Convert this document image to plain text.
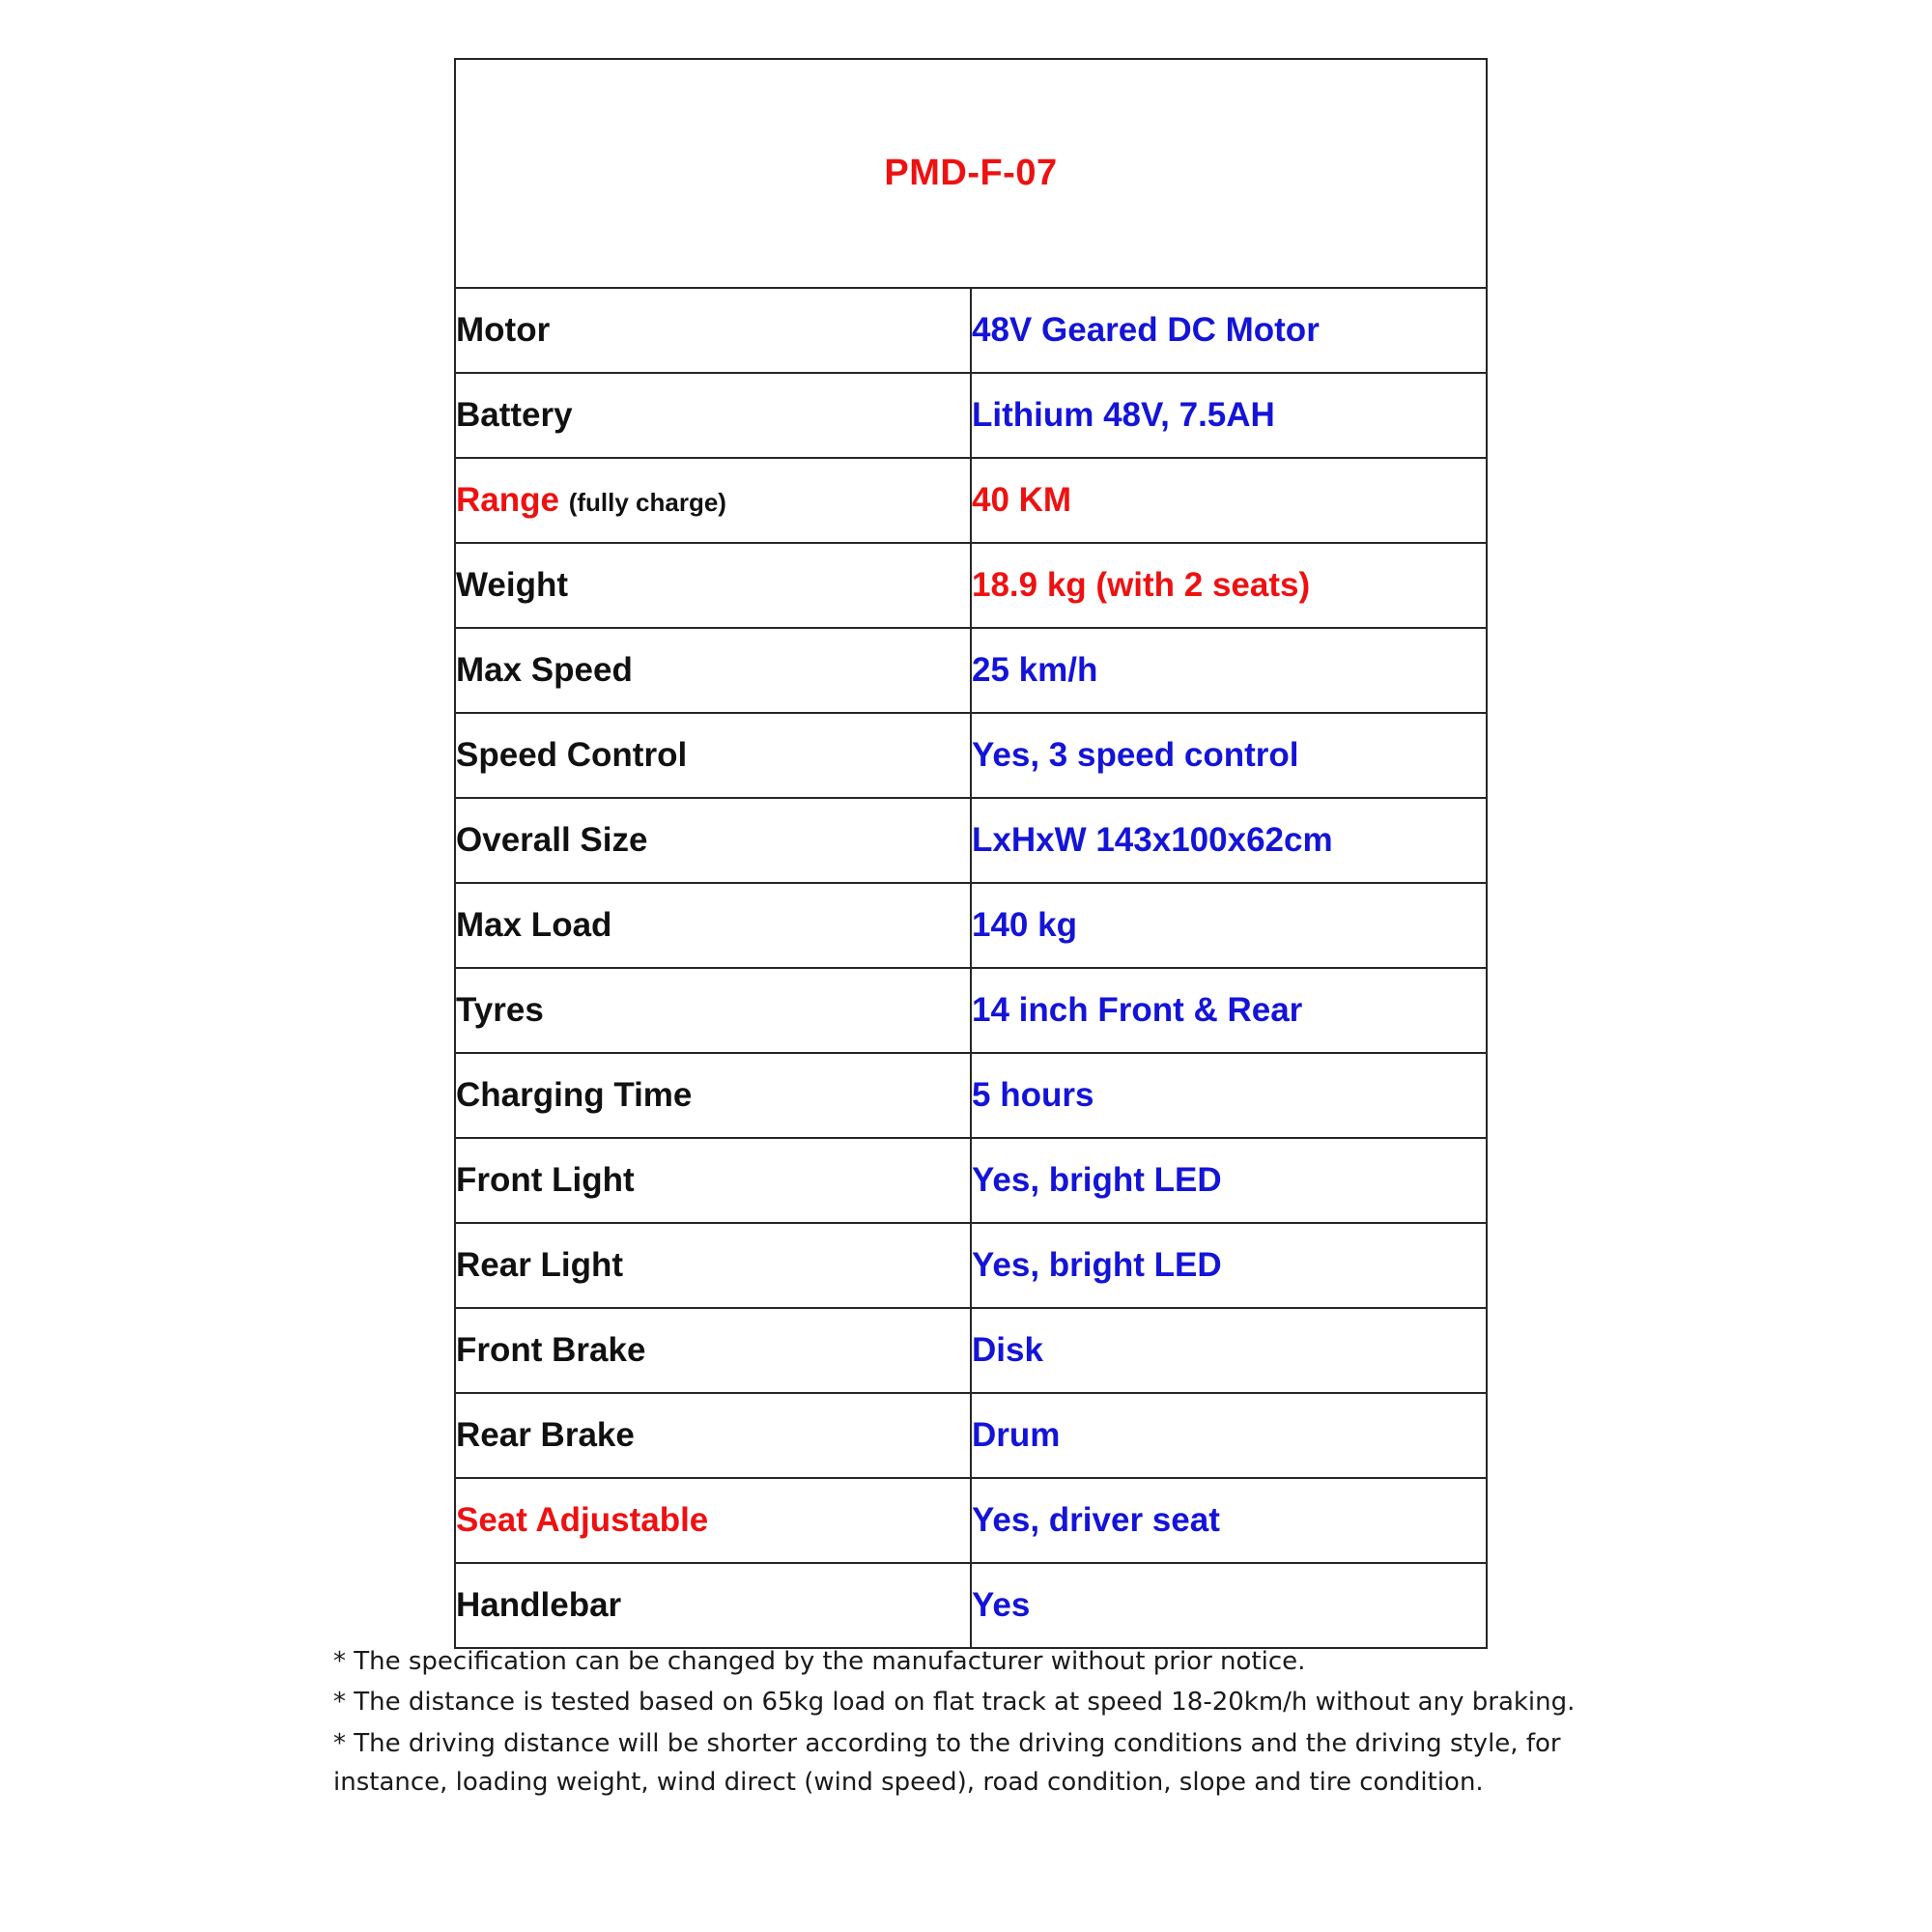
PMD-F-07	
Motor	48V Geared DC Motor
Battery	Lithium 48V, 7.5AH
Range (fully charge)	40 KM
Weight	18.9 kg (with 2 seats)
Max Speed	25 km/h
Speed Control	Yes, 3 speed control
Overall Size	LxHxW 143x100x62cm
Max Load	140 kg
Tyres	14 inch Front & Rear
Charging Time	5 hours
Front Light	Yes, bright LED
Rear Light	Yes, bright LED
Front Brake	Disk
Rear Brake	Drum
Seat Adjustable	Yes, driver seat
Handlebar	Yes

* The specification can be changed by the manufacturer without prior notice.

* The distance is tested based on 65kg load on flat track at speed 18-20km/h without any braking.

* The driving distance will be shorter according to the driving conditions and the driving style, for instance, loading weight, wind direct (wind speed), road condition, slope and tire condition.
